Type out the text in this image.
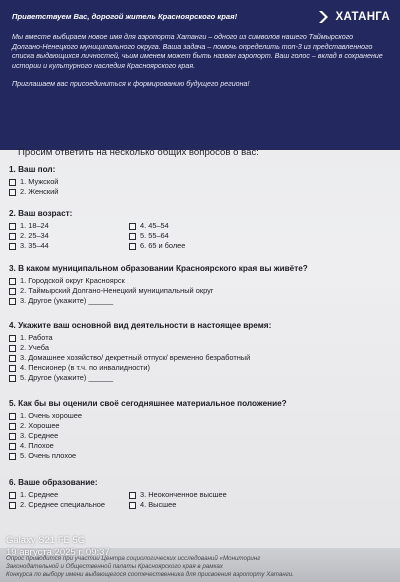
Приветствуем Вас, дорогой житель Красноярского края!	ХАТАНГА
Мы вместе выбираем новое имя для аэропорта Хатанги – одного из символов нашего Таймырского Долгано-Ненецкого муниципального округа. Ваша задача – помочь определить топ-3 из представленного списка выдающихся личностей, чьим именем может быть назван аэропорт. Ваш голос – вклад в сохранение истории и культурного наследия Красноярского края.
Приглашаем вас присоединиться к формированию будущего региона!
Просим ответить на несколько общих вопросов о вас:
1. Ваш пол:
1. Мужской
2. Женский
2. Ваш возраст:
1. 18–24
2. 25–34
3. 35–44
4. 45–54
5. 55–64
6. 65 и более
3. В каком муниципальном образовании Красноярского края вы живёте?
1. Городской округ Красноярск
2. Таймырский Долгано-Ненецкий муниципальный округ
3. Другое (укажите) ______
4. Укажите ваш основной вид деятельности в настоящее время:
1. Работа
2. Учеба
3. Домашнее хозяйство/ декретный отпуск/ временно безработный
4. Пенсионер (в т.ч. по инвалидности)
5. Другое (укажите) ______
5. Как бы вы оценили своё сегодняшнее материальное положение?
1. Очень хорошее
2. Хорошее
3. Среднее
4. Плохое
5. Очень плохое
6. Ваше образование:
1. Среднее
2. Среднее специальное
3. Неоконченное высшее
4. Высшее
Опрос проводится при участии Центра социологических исследований «Мониторинг
Законодательной и Общественной палаты Красноярского края в рамках
Конкурса по выбору имени выдающегося соотечественника для присвоения аэропорту Хатанги.
Galaxy S21 FE 5G
19 августа 2025 г. 09:37
